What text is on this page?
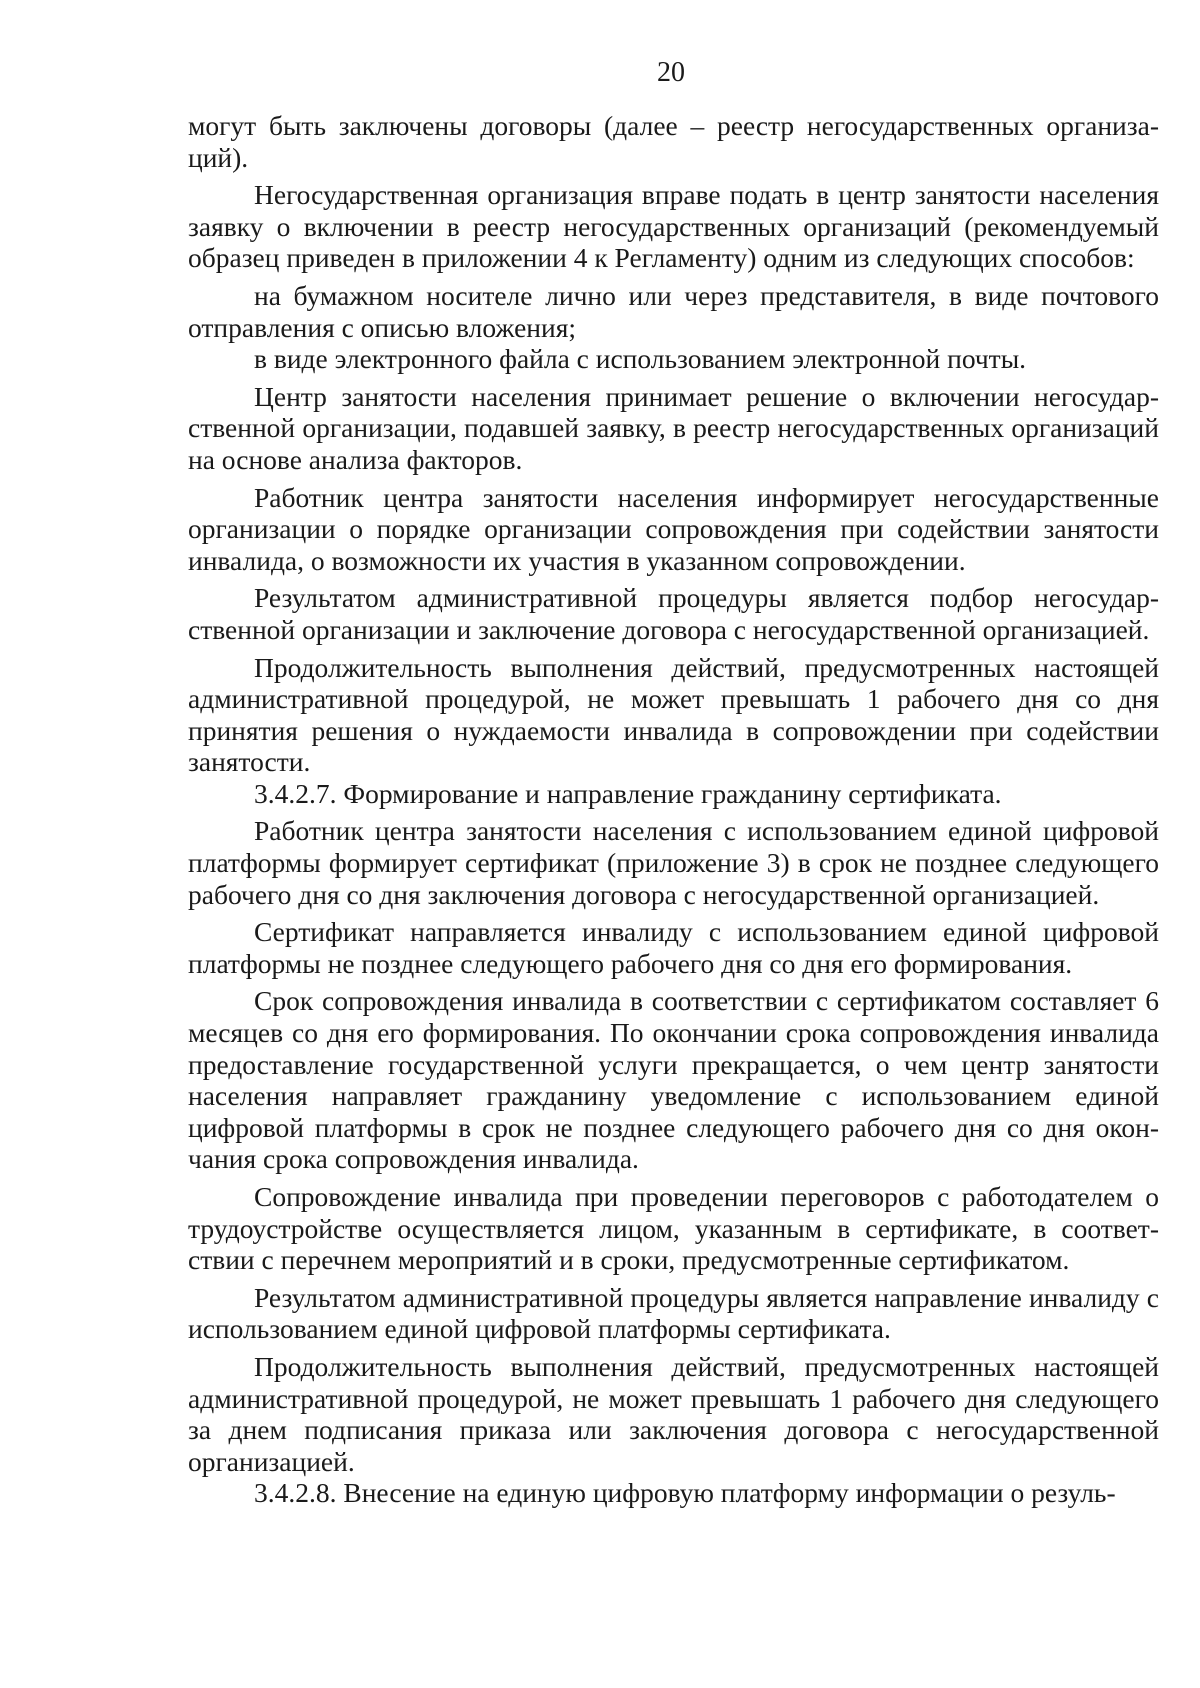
20

могут быть заключены договоры (далее – реестр негосударственных организаций).

Негосударственная организация вправе подать в центр занятости населения заявку о включении в реестр негосударственных организаций (рекомендуемый образец приведен в приложении 4 к Регламенту) одним из следующих способов:

на бумажном носителе лично или через представителя, в виде почтового отправления с описью вложения;

в виде электронного файла с использованием электронной почты.

Центр занятости населения принимает решение о включении негосударственной организации, подавшей заявку, в реестр негосударственных организаций на основе анализа факторов.

Работник центра занятости населения информирует негосударственные организации о порядке организации сопровождения при содействии занятости инвалида, о возможности их участия в указанном сопровождении.

Результатом административной процедуры является подбор негосударственной организации и заключение договора с негосударственной организацией.

Продолжительность выполнения действий, предусмотренных настоящей административной процедурой, не может превышать 1 рабочего дня со дня принятия решения о нуждаемости инвалида в сопровождении при содействии занятости.

3.4.2.7. Формирование и направление гражданину сертификата.

Работник центра занятости населения с использованием единой цифровой платформы формирует сертификат (приложение 3) в срок не позднее следующего рабочего дня со дня заключения договора с негосударственной организацией.

Сертификат направляется инвалиду с использованием единой цифровой платформы не позднее следующего рабочего дня со дня его формирования.

Срок сопровождения инвалида в соответствии с сертификатом составляет 6 месяцев со дня его формирования. По окончании срока сопровождения инвалида предоставление государственной услуги прекращается, о чем центр занятости населения направляет гражданину уведомление с использованием единой цифровой платформы в срок не позднее следующего рабочего дня со дня окончания срока сопровождения инвалида.

Сопровождение инвалида при проведении переговоров с работодателем о трудоустройстве осуществляется лицом, указанным в сертификате, в соответствии с перечнем мероприятий и в сроки, предусмотренные сертификатом.

Результатом административной процедуры является направление инвалиду с использованием единой цифровой платформы сертификата.

Продолжительность выполнения действий, предусмотренных настоящей административной процедурой, не может превышать 1 рабочего дня следующего за днем подписания приказа или заключения договора с негосударственной организацией.

3.4.2.8. Внесение на единую цифровую платформу информации о резуль-
